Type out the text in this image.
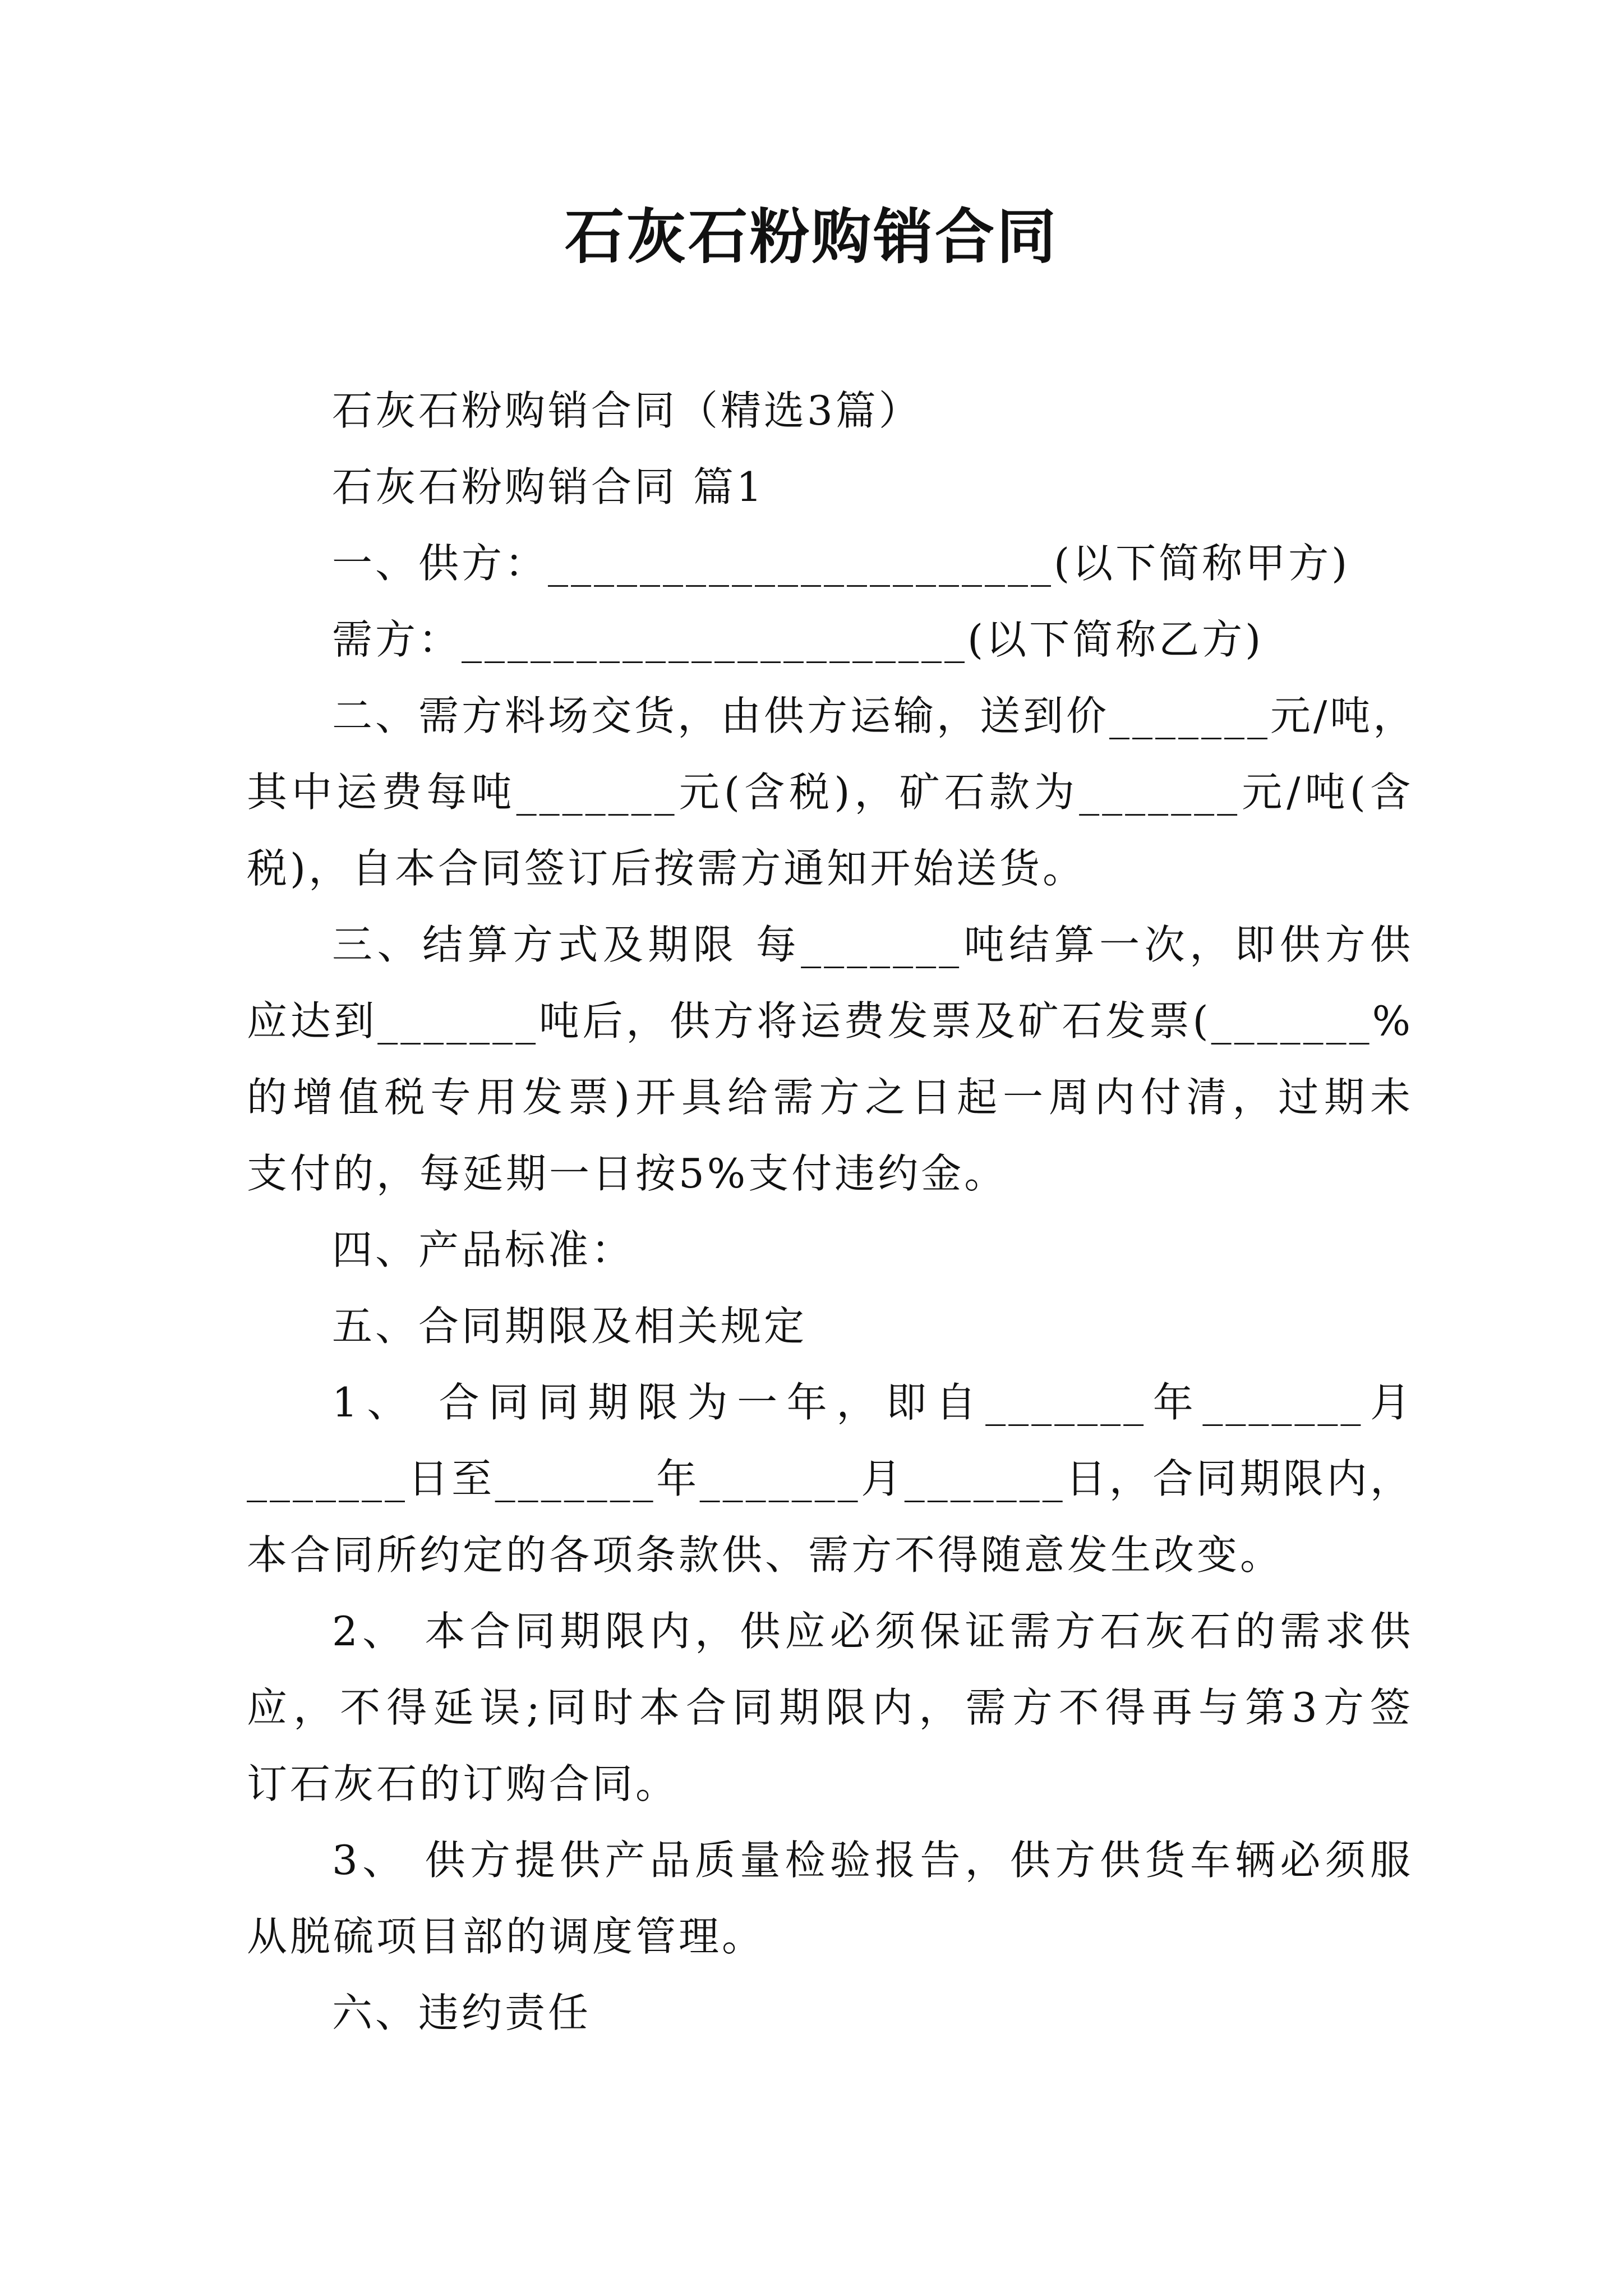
石灰石粉购销合同
石灰石粉购销合同（精选3篇）
石灰石粉购销合同 篇1
一、供方：______________________(以下简称甲方)
需方：______________________(以下简称乙方)
二、需方料场交货，由供方运输，送到价_______元/吨，
其中运费每吨_______元(含税)，矿石款为_______元/吨(含
税)，自本合同签订后按需方通知开始送货。
三、结算方式及期限 每_______吨结算一次，即供方供
应达到_______吨后，供方将运费发票及矿石发票(_______%
的增值税专用发票)开具给需方之日起一周内付清，过期未
支付的，每延期一日按5%支付违约金。
四、产品标准：
五、合同期限及相关规定
1、 合同同期限为一年，即自_______年_______月
_______日至_______年_______月_______日，合同期限内，
本合同所约定的各项条款供、需方不得随意发生改变。
2、 本合同期限内，供应必须保证需方石灰石的需求供
应，不得延误;同时本合同期限内，需方不得再与第3方签
订石灰石的订购合同。
3、 供方提供产品质量检验报告，供方供货车辆必须服
从脱硫项目部的调度管理。
六、违约责任
